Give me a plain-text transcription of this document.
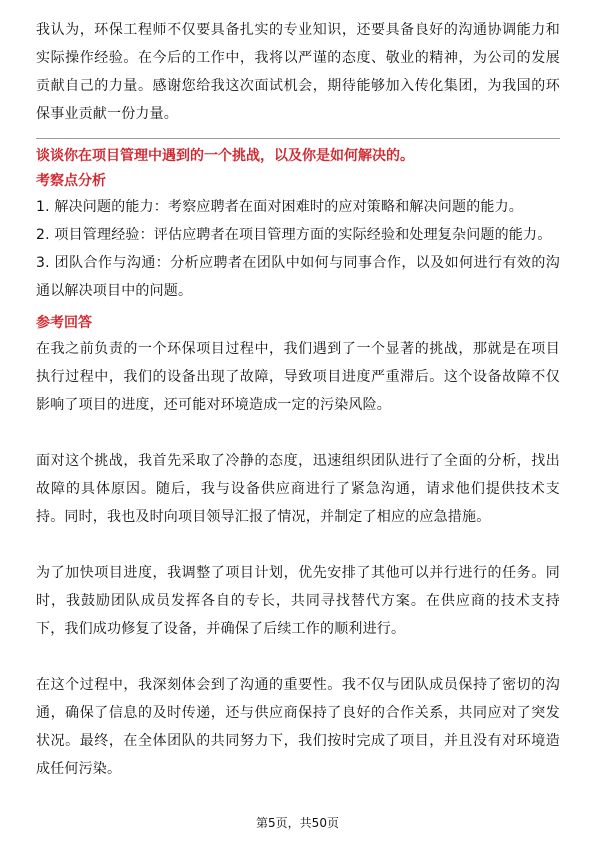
我认为，环保工程师不仅要具备扎实的专业知识，还要具备良好的沟通协调能力和实际操作经验。在今后的工作中，我将以严谨的态度、敬业的精神，为公司的发展贡献自己的力量。感谢您给我这次面试机会，期待能够加入传化集团，为我国的环保事业贡献一份力量。

谈谈你在项目管理中遇到的一个挑战，以及你是如何解决的。

考察点分析

1. 解决问题的能力：考察应聘者在面对困难时的应对策略和解决问题的能力。
2. 项目管理经验：评估应聘者在项目管理方面的实际经验和处理复杂问题的能力。
3. 团队合作与沟通：分析应聘者在团队中如何与同事合作，以及如何进行有效的沟通以解决项目中的问题。

参考回答

在我之前负责的一个环保项目过程中，我们遇到了一个显著的挑战，那就是在项目执行过程中，我们的设备出现了故障，导致项目进度严重滞后。这个设备故障不仅影响了项目的进度，还可能对环境造成一定的污染风险。

面对这个挑战，我首先采取了冷静的态度，迅速组织团队进行了全面的分析，找出故障的具体原因。随后，我与设备供应商进行了紧急沟通，请求他们提供技术支持。同时，我也及时向项目领导汇报了情况，并制定了相应的应急措施。

为了加快项目进度，我调整了项目计划，优先安排了其他可以并行进行的任务。同时，我鼓励团队成员发挥各自的专长，共同寻找替代方案。在供应商的技术支持下，我们成功修复了设备，并确保了后续工作的顺利进行。

在这个过程中，我深刻体会到了沟通的重要性。我不仅与团队成员保持了密切的沟通，确保了信息的及时传递，还与供应商保持了良好的合作关系，共同应对了突发状况。最终，在全体团队的共同努力下，我们按时完成了项目，并且没有对环境造成任何污染。

第5页，共50页
